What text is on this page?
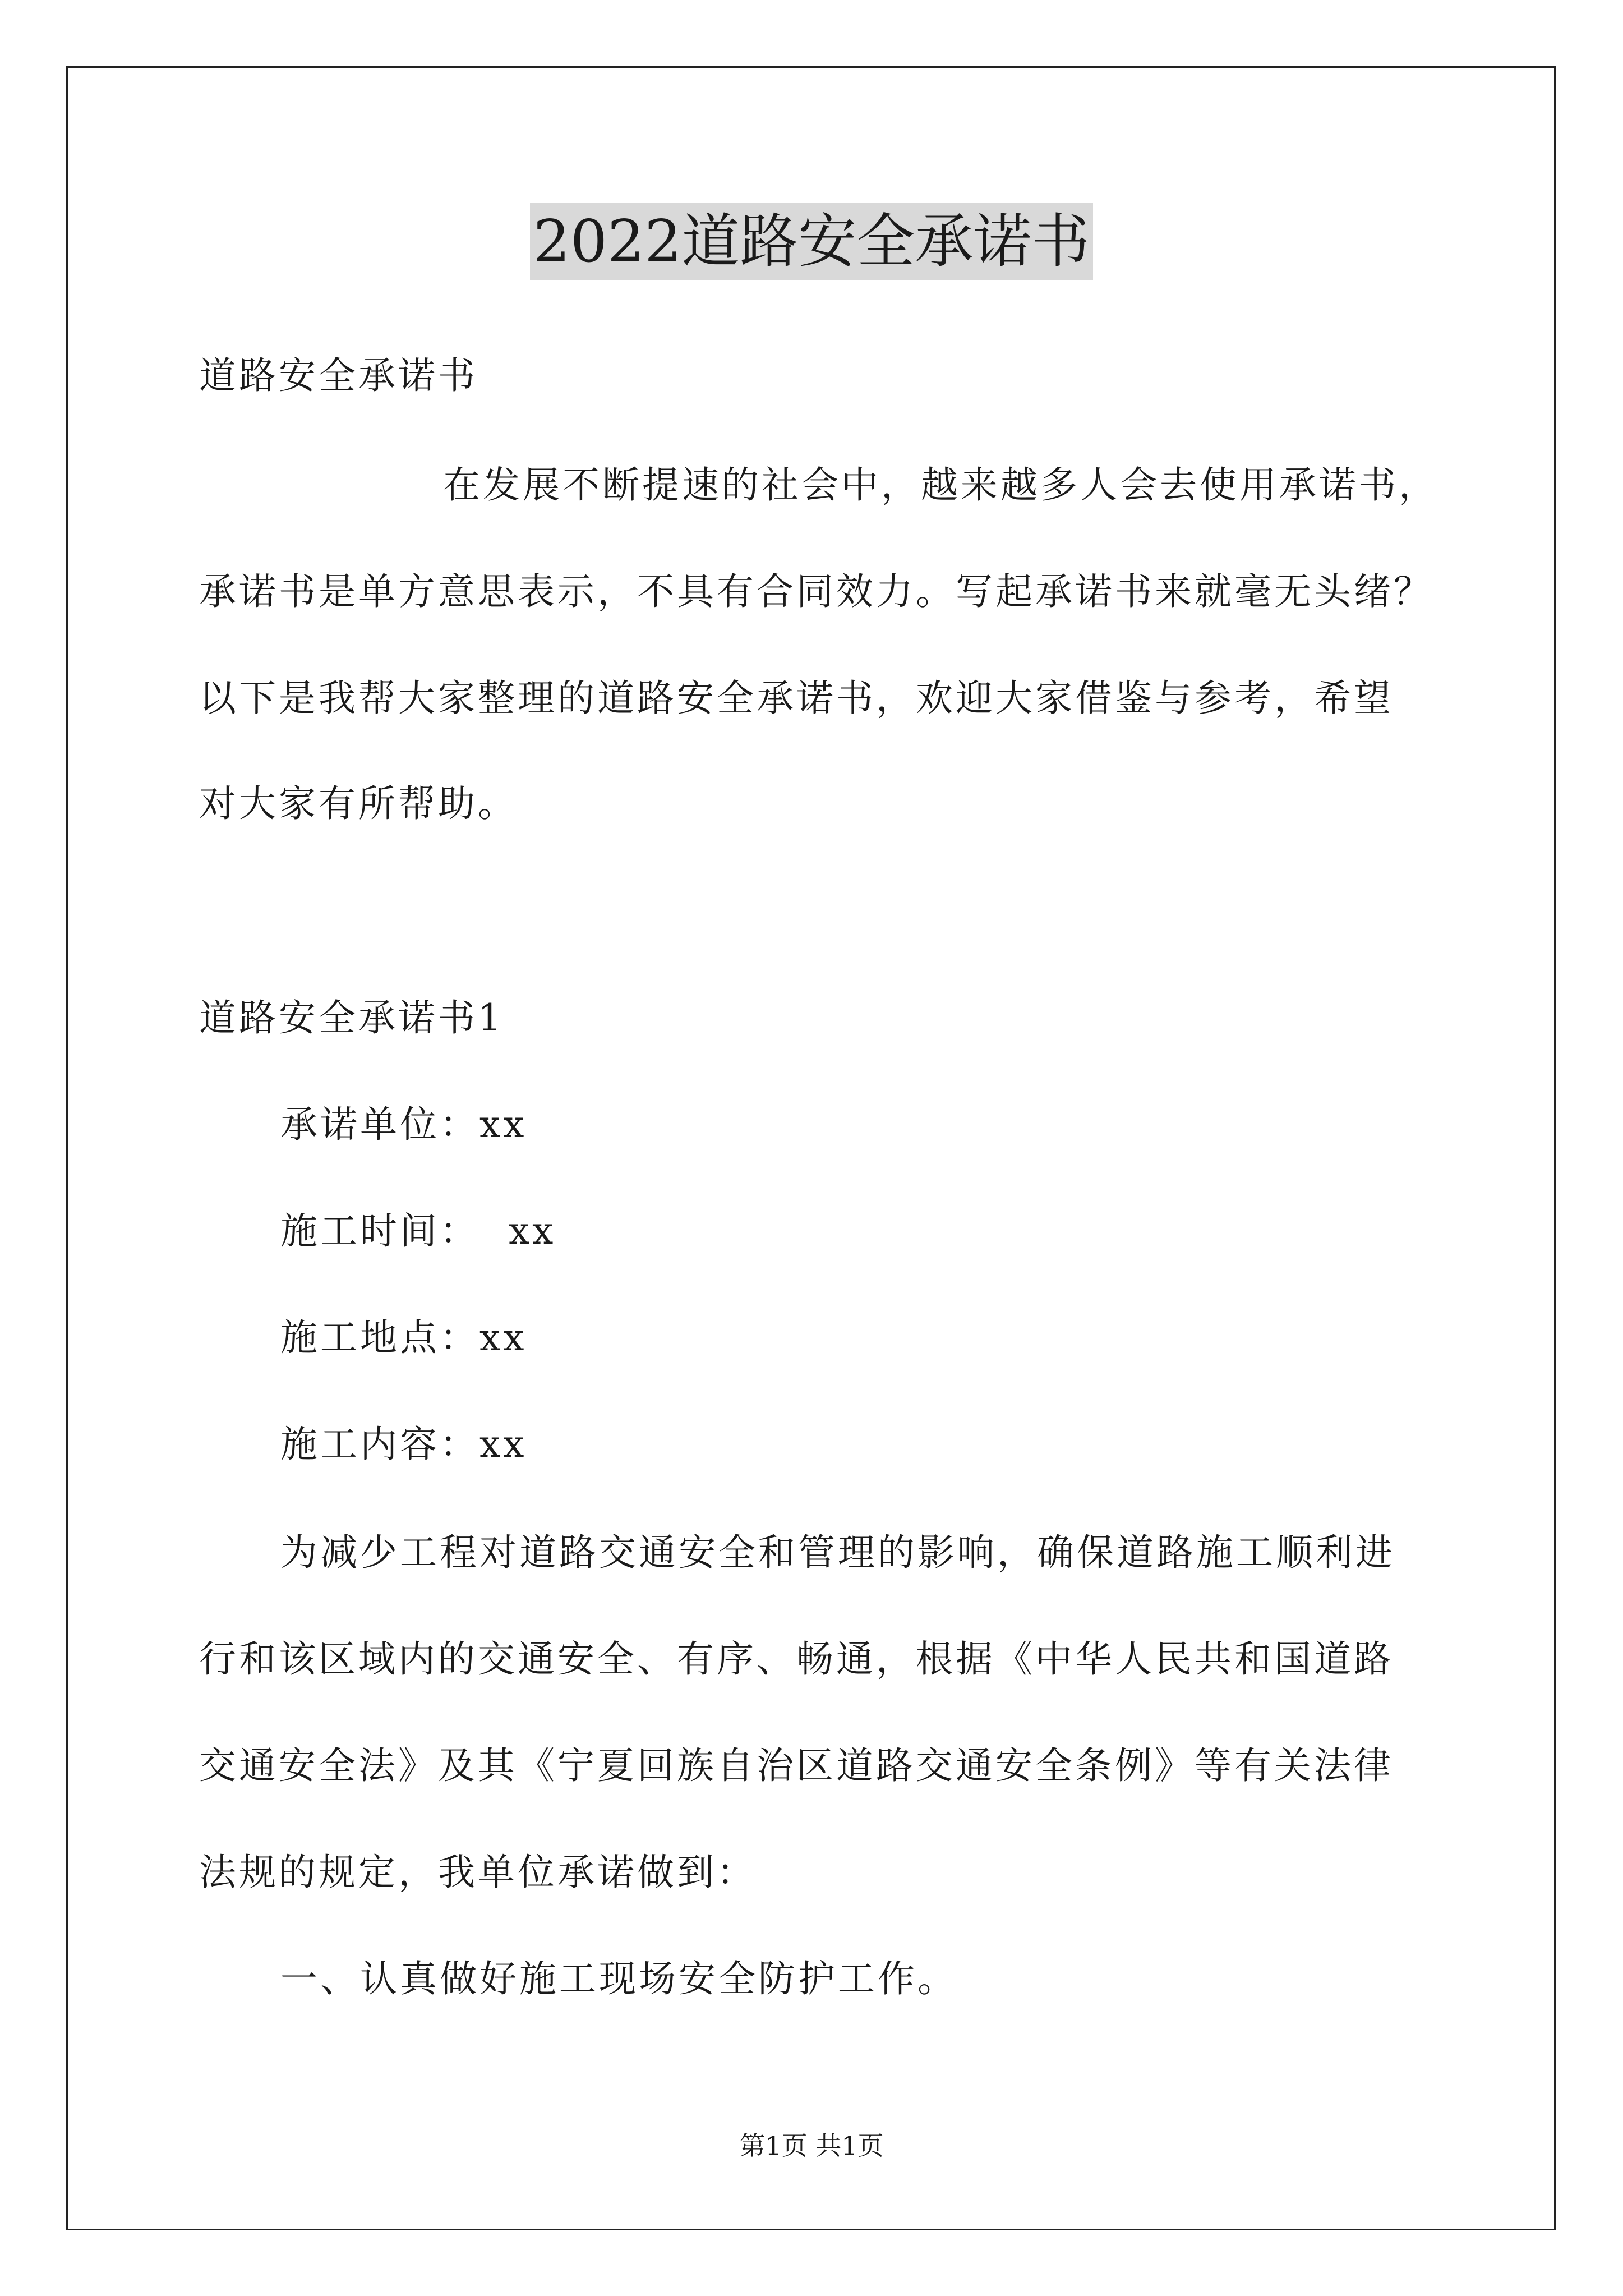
2022道路安全承诺书
道路安全承诺书
在发展不断提速的社会中，越来越多人会去使用承诺书，
承诺书是单方意思表示，不具有合同效力。写起承诺书来就毫无头绪？
以下是我帮大家整理的道路安全承诺书，欢迎大家借鉴与参考，希望
对大家有所帮助。
道路安全承诺书1
承诺单位：xx
施工时间：  xx
施工地点：xx
施工内容：xx
为减少工程对道路交通安全和管理的影响，确保道路施工顺利进
行和该区域内的交通安全、有序、畅通，根据《中华人民共和国道路
交通安全法》及其《宁夏回族自治区道路交通安全条例》等有关法律
法规的规定，我单位承诺做到：
一、认真做好施工现场安全防护工作。
第1页 共1页
